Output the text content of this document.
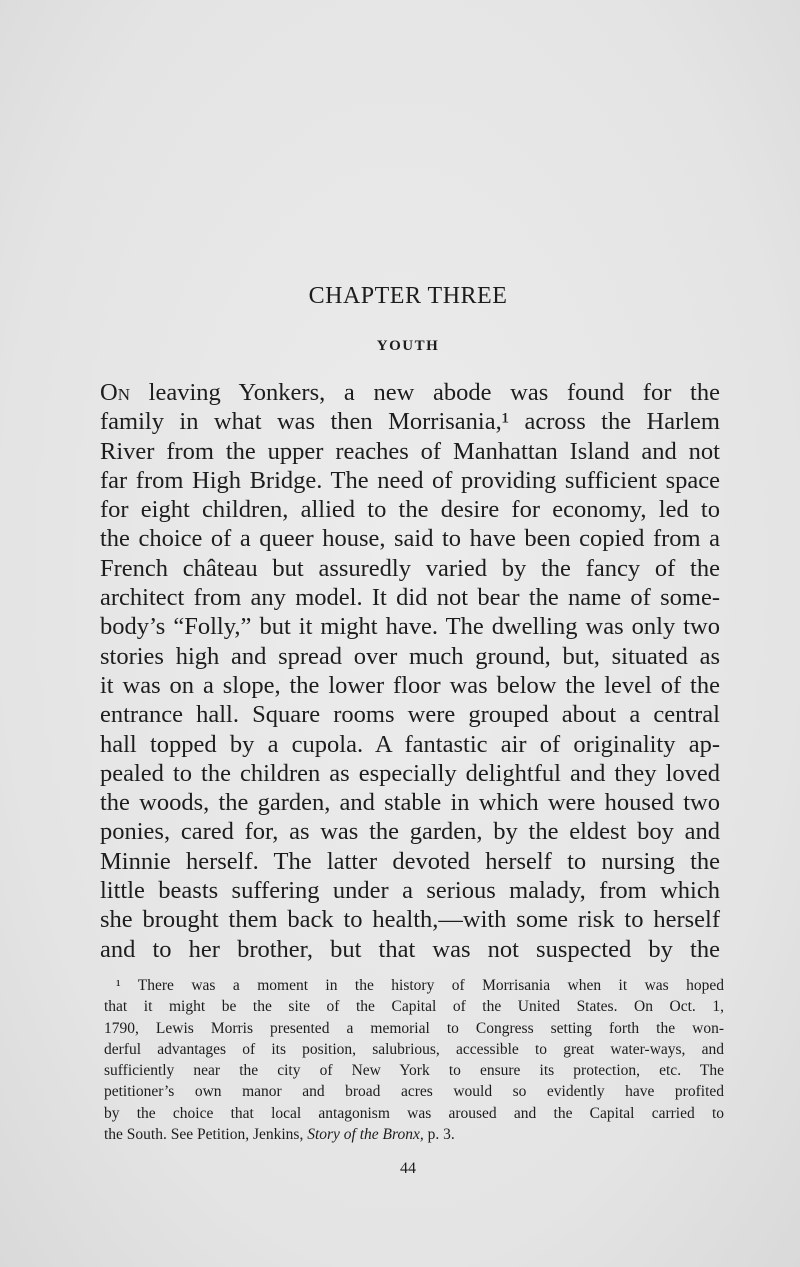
CHAPTER THREE
YOUTH
On leaving Yonkers, a new abode was found for the
family in what was then Morrisania,¹ across the Harlem
River from the upper reaches of Manhattan Island and not
far from High Bridge. The need of providing sufficient space
for eight children, allied to the desire for economy, led to
the choice of a queer house, said to have been copied from a
French château but assuredly varied by the fancy of the
architect from any model. It did not bear the name of some-
body’s “Folly,” but it might have. The dwelling was only two
stories high and spread over much ground, but, situated as
it was on a slope, the lower floor was below the level of the
entrance hall. Square rooms were grouped about a central
hall topped by a cupola. A fantastic air of originality ap-
pealed to the children as especially delightful and they loved
the woods, the garden, and stable in which were housed two
ponies, cared for, as was the garden, by the eldest boy and
Minnie herself. The latter devoted herself to nursing the
little beasts suffering under a serious malady, from which
she brought them back to health,—with some risk to herself
and to her brother, but that was not suspected by the
¹ There was a moment in the history of Morrisania when it was hoped
that it might be the site of the Capital of the United States. On Oct. 1,
1790, Lewis Morris presented a memorial to Congress setting forth the won-
derful advantages of its position, salubrious, accessible to great water-ways, and
sufficiently near the city of New York to ensure its protection, etc. The
petitioner’s own manor and broad acres would so evidently have profited
by the choice that local antagonism was aroused and the Capital carried to
the South. See Petition, Jenkins, Story of the Bronx, p. 3.
44
